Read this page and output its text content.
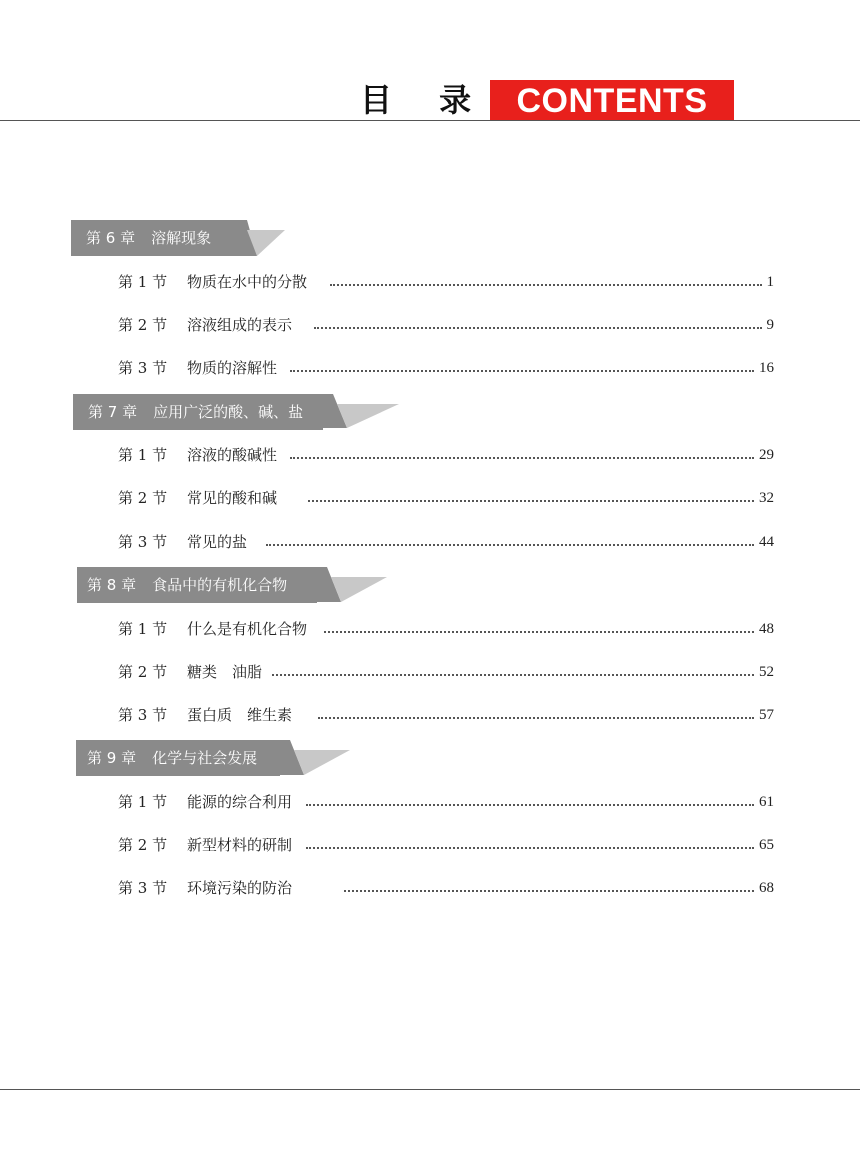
目 录 CONTENTS
第 6 章 溶解现象
第 1 节 物质在水中的分散	1
第 2 节 溶液组成的表示	9
第 3 节 物质的溶解性	16
第 7 章 应用广泛的酸、碱、盐
第 1 节 溶液的酸碱性	29
第 2 节 常见的酸和碱	32
第 3 节 常见的盐	44
第 8 章 食品中的有机化合物
第 1 节 什么是有机化合物	48
第 2 节 糖类　油脂	52
第 3 节 蛋白质　维生素	57
第 9 章 化学与社会发展
第 1 节 能源的综合利用	61
第 2 节 新型材料的研制	65
第 3 节 环境污染的防治	68
